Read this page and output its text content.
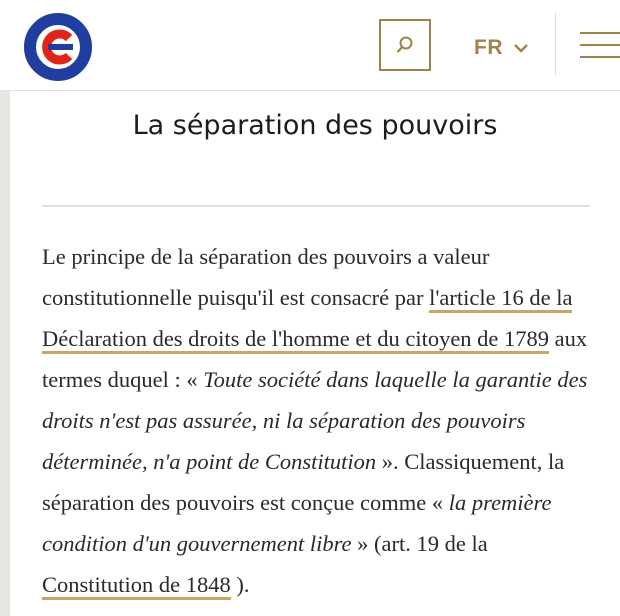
FR
La séparation des pouvoirs

Le principe de la séparation des pouvoirs a valeur constitutionnelle puisqu'il est consacré par l'article 16 de la Déclaration des droits de l'homme et du citoyen de 1789 aux termes duquel : « Toute société dans laquelle la garantie des droits n'est pas assurée, ni la séparation des pouvoirs déterminée, n'a point de Constitution ». Classiquement, la séparation des pouvoirs est conçue comme « la première condition d'un gouvernement libre » (art. 19 de la Constitution de 1848 ).
